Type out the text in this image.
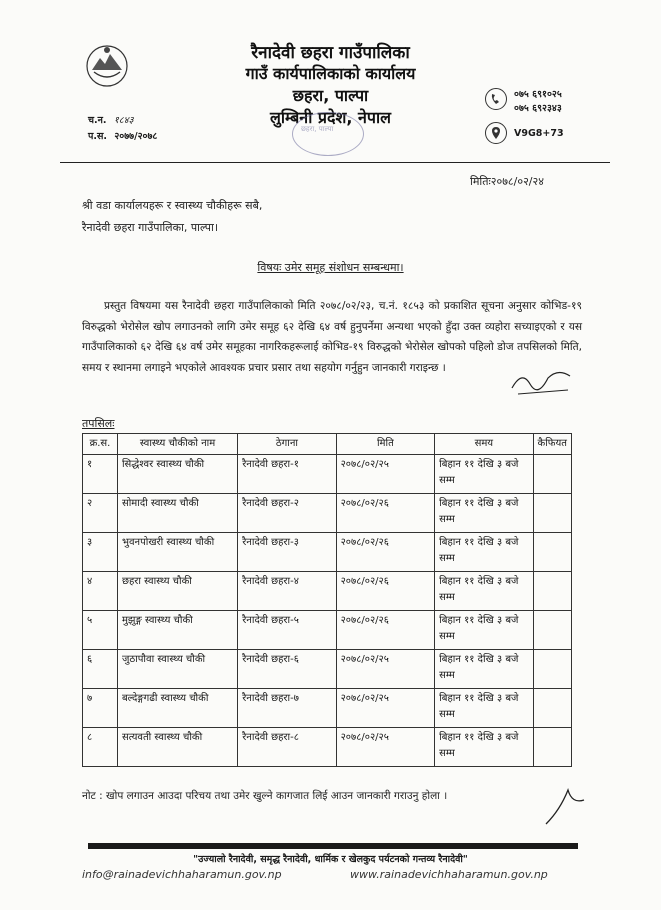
रैनादेवी छहरा गाउँपालिका
गाउँ कार्यपालिकाको कार्यालय
छहरा, पाल्पा
लुम्बिनी प्रदेश, नेपाल
छहरा, पाल्पा
च.न. १८४३
प.स. २०७७/२०७८
०७५ ६९१०२५
०७५ ६९२३४३
V9G8+73
मितिः२०७८/०२/२४
श्री वडा कार्यालयहरू र स्वास्थ्य चौकीहरू सबै,
रैनादेवी छहरा गाउँपालिका, पाल्पा।
विषयः उमेर समूह संशोधन सम्बन्धमा।
प्रस्तुत विषयमा यस रैनादेवी छहरा गाउँपालिकाको मिति २०७८/०२/२३, च.नं. १८५३ को प्रकाशित सूचना अनुसार कोभिड-१९ विरुद्धको भेरोसेल खोप लगाउनको लागि उमेर समूह ६२ देखि ६४ वर्ष हुनुपर्नेमा अन्यथा भएको हुँदा उक्त व्यहोरा सच्याइएको र यस गाउँपालिकाको ६२ देखि ६४ वर्ष उमेर समूहका नागरिकहरूलाई कोभिड-१९ विरुद्धको भेरोसेल खोपको पहिलो डोज तपसिलको मिति, समय र स्थानमा लगाइने भएकोले आवश्यक प्रचार प्रसार तथा सहयोग गर्नुहुन जानकारी गराइन्छ ।
तपसिलः
क्र.स.	स्वास्थ्य चौकीको नाम	ठेगाना	मिति	समय	कैफियत
१	सिद्धेश्वर स्वास्थ्य चौकी	रैनादेवी छहरा-१	२०७८/०२/२५	बिहान ११ देखि ३ बजे सम्म	
२	सोमादी स्वास्थ्य चौकी	रैनादेवी छहरा-२	२०७८/०२/२६	बिहान ११ देखि ३ बजे सम्म	
३	भुवनपोखरी स्वास्थ्य चौकी	रैनादेवी छहरा-३	२०७८/०२/२६	बिहान ११ देखि ३ बजे सम्म	
४	छहरा स्वास्थ्य चौकी	रैनादेवी छहरा-४	२०७८/०२/२६	बिहान ११ देखि ३ बजे सम्म	
५	मुझुङ्ग स्वास्थ्य चौकी	रैनादेवी छहरा-५	२०७८/०२/२६	बिहान ११ देखि ३ बजे सम्म	
६	जुठापौवा स्वास्थ्य चौकी	रैनादेवी छहरा-६	२०७८/०२/२५	बिहान ११ देखि ३ बजे सम्म	
७	बल्देङ्गगढी स्वास्थ्य चौकी	रैनादेवी छहरा-७	२०७८/०२/२५	बिहान ११ देखि ३ बजे सम्म	
८	सत्यवती स्वास्थ्य चौकी	रैनादेवी छहरा-८	२०७८/०२/२५	बिहान ११ देखि ३ बजे सम्म	
नोट : खोप लगाउन आउदा परिचय तथा उमेर खुल्ने कागजात लिई आउन जानकारी गराउनु होला ।
"उज्यालो रैनादेवी, समृद्ध रैनादेवी, धार्मिक र खेलकुद पर्यटनको गन्तव्य रैनादेवी"
info@rainadevichhaharamun.gov.np	www.rainadevichhaharamun.gov.np
